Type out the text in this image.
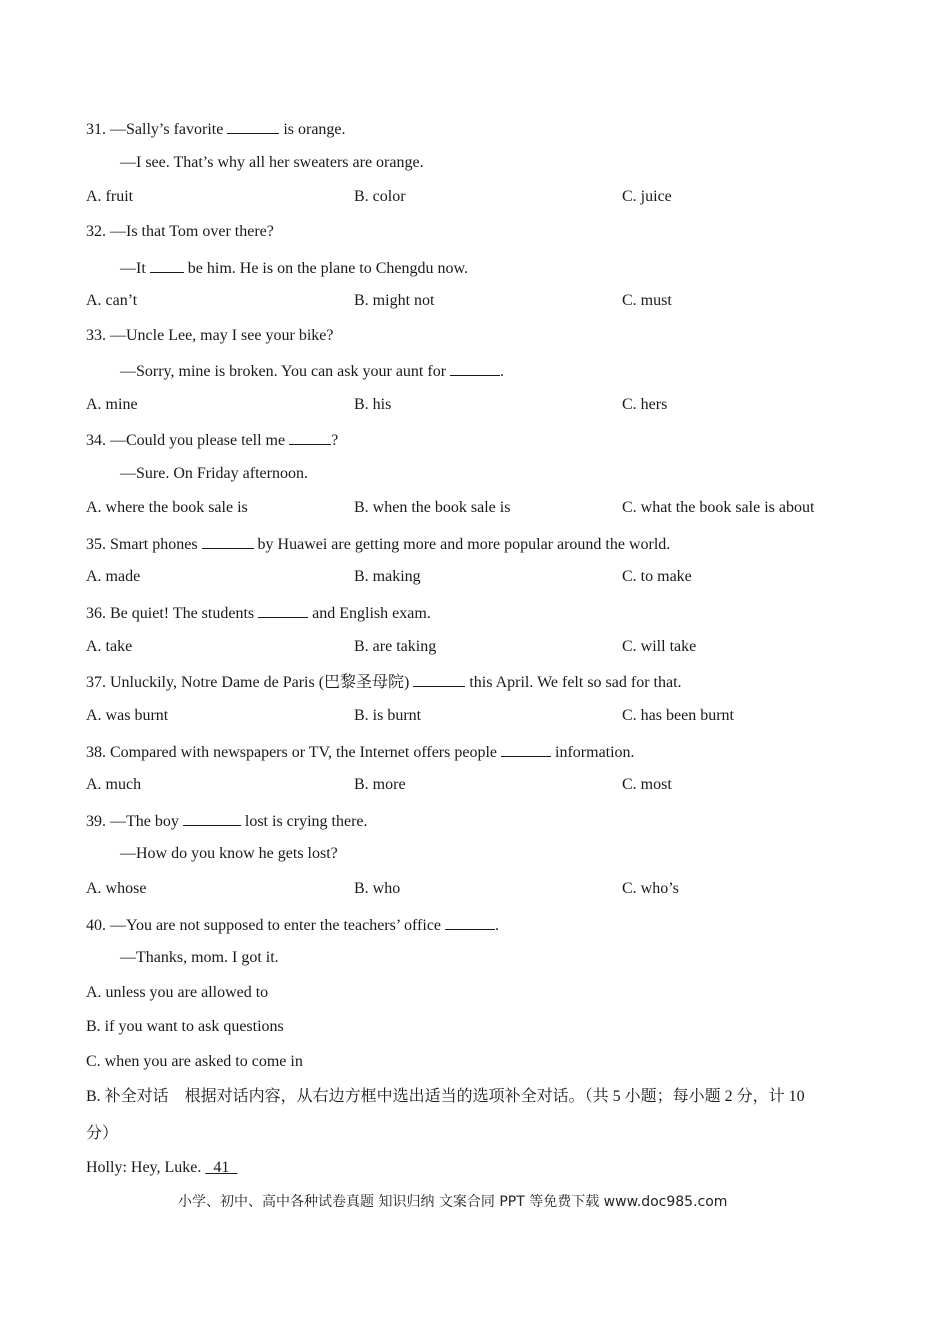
31. —Sally’s favorite	is orange.
—I see. That’s why all her sweaters are orange.
A. fruit	B. color	C. juice
32. —Is that Tom over there?
—It	be him. He is on the plane to Chengdu now.
A. can’t	B. might not	C. must
33. —Uncle Lee, may I see your bike?
—Sorry, mine is broken. You can ask your aunt for	.
A. mine	B. his	C. hers
34. —Could you please tell me	?
—Sure. On Friday afternoon.
A. where the book sale is	B. when the book sale is	C. what the book sale is about
35. Smart phones	by Huawei are getting more and more popular around the world.
A. made	B. making	C. to make
36. Be quiet! The students	and English exam.
A. take	B. are taking	C. will take
37. Unluckily, Notre Dame de Paris (巴黎圣母院)	this April. We felt so sad for that.
A. was burnt	B. is burnt	C. has been burnt
38. Compared with newspapers or TV, the Internet offers people	information.
A. much	B. more	C. most
39. —The boy	lost is crying there.
—How do you know he gets lost?
A. whose	B. who	C. who’s
40. —You are not supposed to enter the teachers’ office	.
—Thanks, mom. I got it.
A. unless you are allowed to
B. if you want to ask questions
C. when you are asked to come in
B. 补全对话　根据对话内容，从右边方框中选出适当的选项补全对话。（共 5 小题；每小题 2 分，计 10
分）
Holly: Hey, Luke. 41
小学、初中、高中各种试卷真题 知识归纳 文案合同 PPT 等免费下载 www.doc985.com
